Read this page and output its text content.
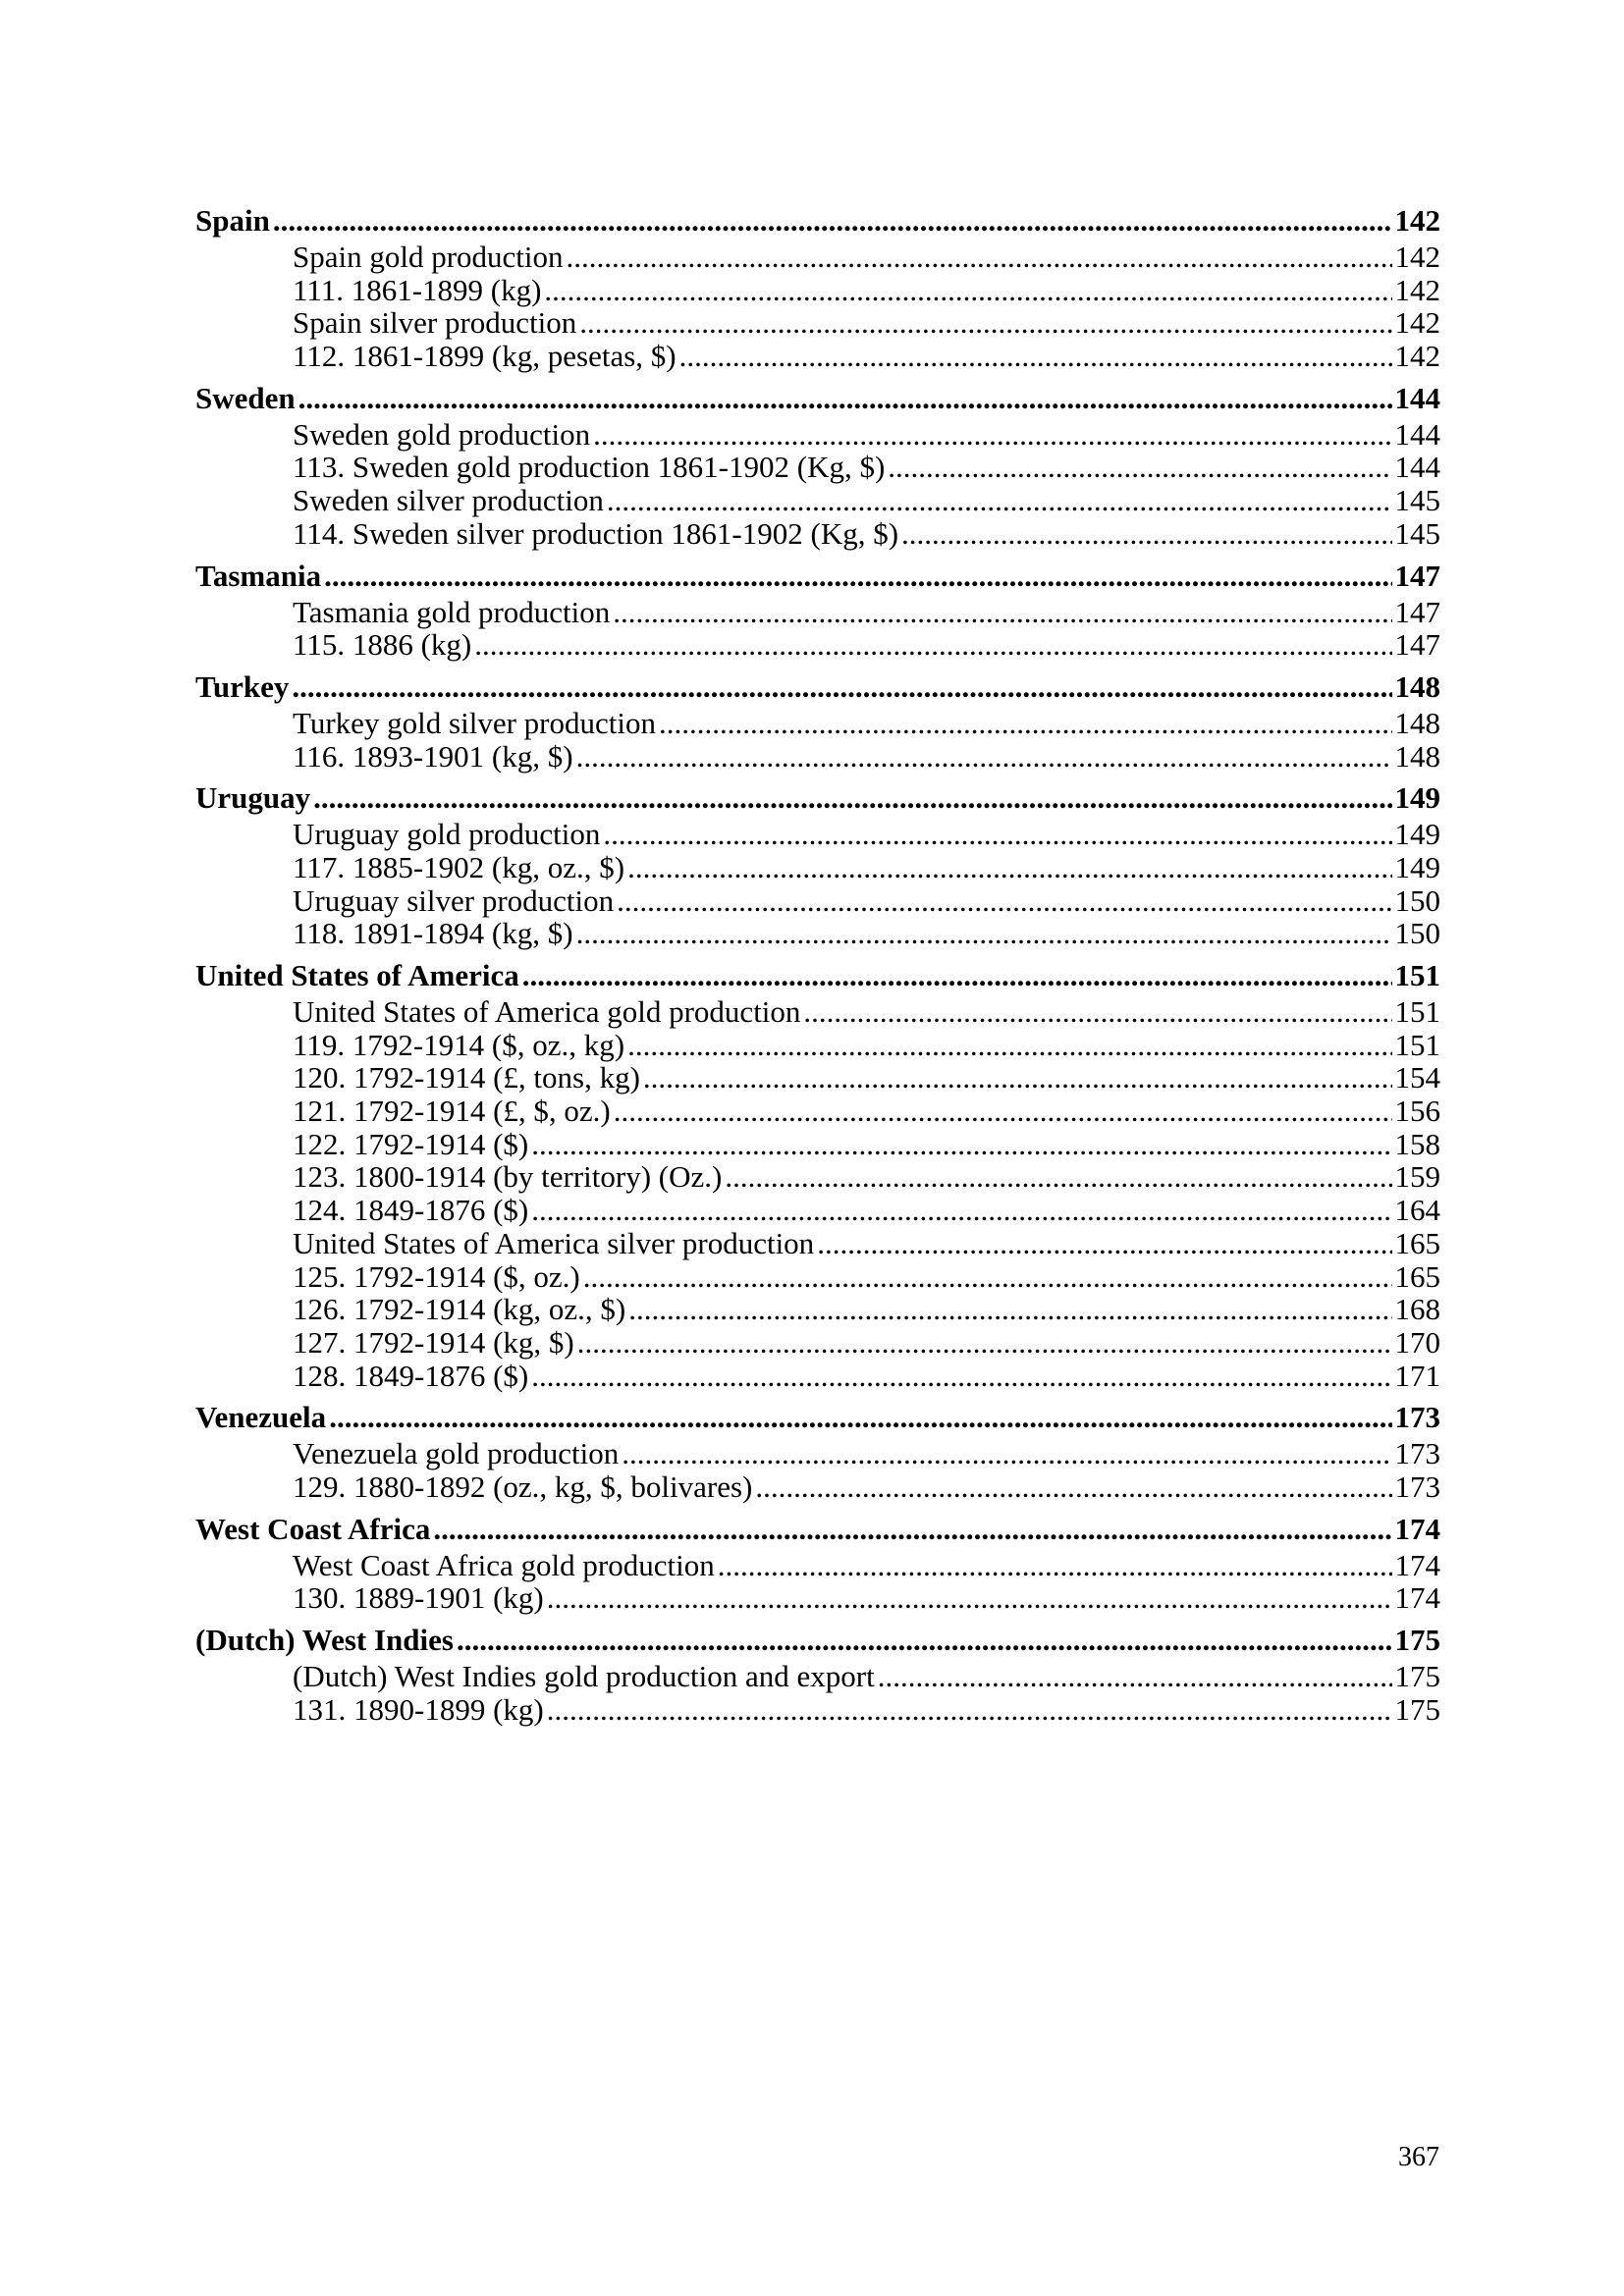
Spain .....	142
Spain gold production .....	142
111. 1861-1899 (kg) .....	142
Spain silver production .....	142
112. 1861-1899 (kg, pesetas, $) .....	142
Sweden .....	144
Sweden gold production .....	144
113. Sweden gold production 1861-1902 (Kg, $) .....	144
Sweden silver production .....	145
114. Sweden silver production 1861-1902 (Kg, $) .....	145
Tasmania .....	147
Tasmania gold production .....	147
115. 1886 (kg) .....	147
Turkey .....	148
Turkey gold silver production .....	148
116. 1893-1901 (kg, $) .....	148
Uruguay .....	149
Uruguay gold production .....	149
117. 1885-1902 (kg, oz., $) .....	149
Uruguay silver production .....	150
118. 1891-1894 (kg, $) .....	150
United States of America .....	151
United States of America gold production .....	151
119. 1792-1914 ($, oz., kg) .....	151
120. 1792-1914 (£, tons, kg) .....	154
121. 1792-1914 (£, $, oz.) .....	156
122. 1792-1914 ($) .....	158
123. 1800-1914 (by territory) (Oz.) .....	159
124. 1849-1876 ($) .....	164
United States of America silver production .....	165
125. 1792-1914 ($, oz.) .....	165
126. 1792-1914 (kg, oz., $) .....	168
127. 1792-1914 (kg, $) .....	170
128. 1849-1876 ($) .....	171
Venezuela .....	173
Venezuela gold production .....	173
129. 1880-1892 (oz., kg, $, bolivares) .....	173
West Coast Africa .....	174
West Coast Africa gold production .....	174
130. 1889-1901 (kg) .....	174
(Dutch) West Indies .....	175
(Dutch) West Indies gold production and export .....	175
131. 1890-1899 (kg) .....	175
367
